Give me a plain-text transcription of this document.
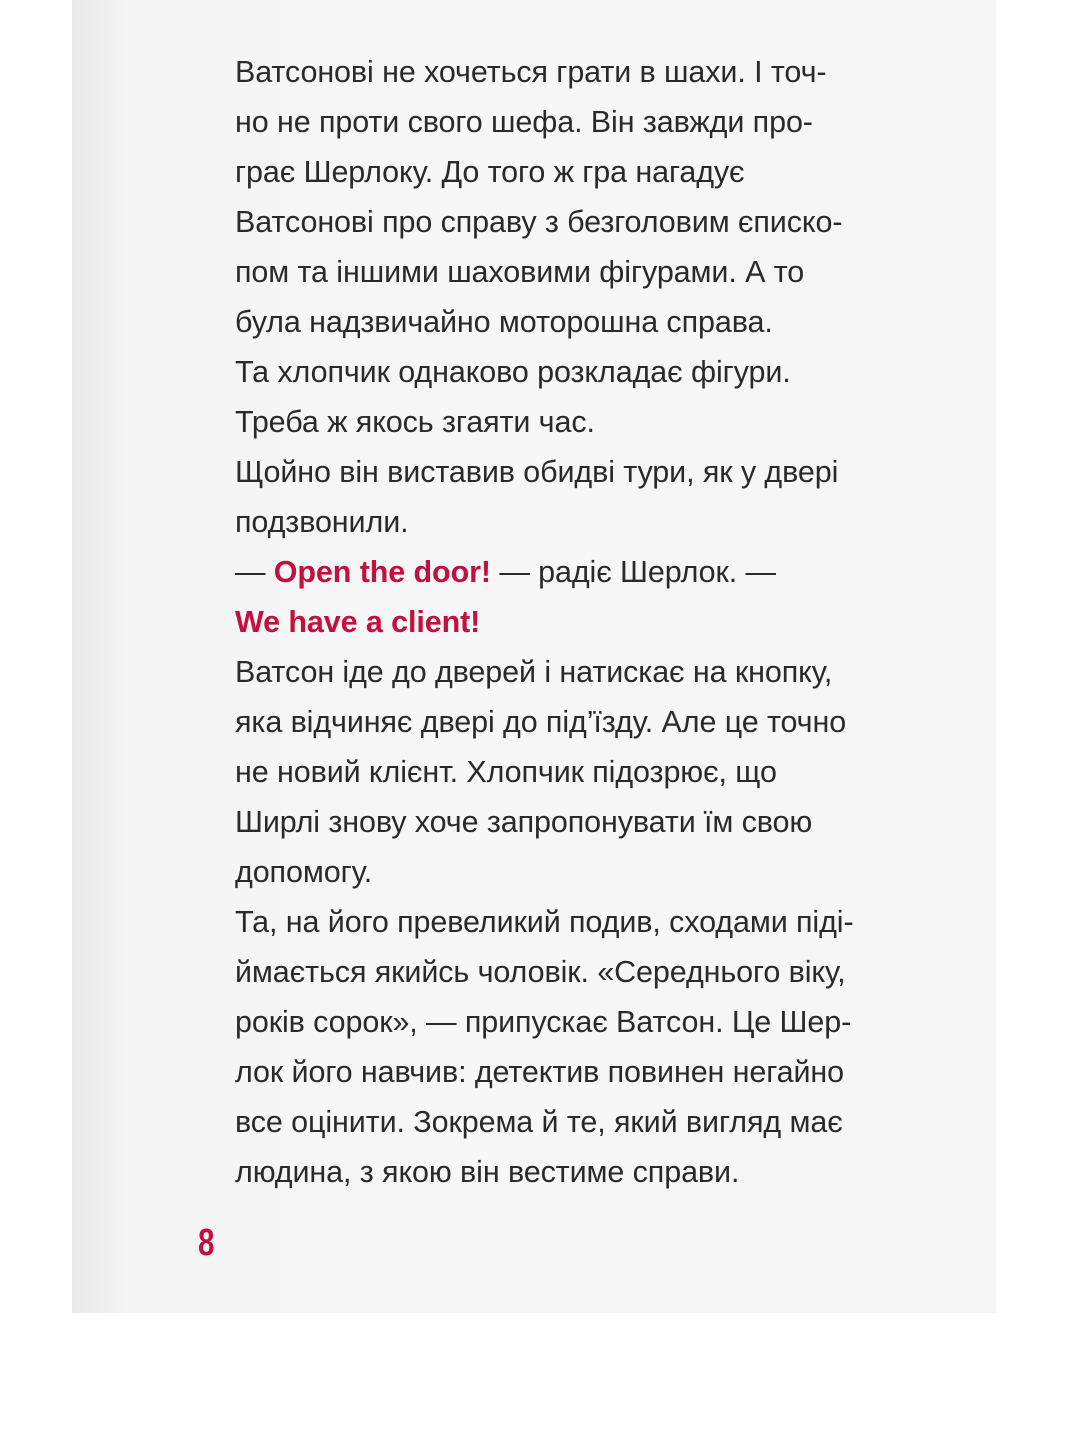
Ватсонові не хочеться грати в шахи. І точ-
но не проти свого шефа. Він завжди про-
грає Шерлоку. До того ж гра нагадує
Ватсонові про справу з безголовим єписко-
пом та іншими шаховими фігурами. А то
була надзвичайно моторошна справа.
Та хлопчик однаково розкладає фігури.
Треба ж якось згаяти час.
Щойно він виставив обидві тури, як у двері
подзвонили.
— Open the door! — радіє Шерлок. —
We have a client!
Ватсон іде до дверей і натискає на кнопку,
яка відчиняє двері до під’їзду. Але це точно
не новий клієнт. Хлопчик підозрює, що
Ширлі знову хоче запропонувати їм свою
допомогу.
Та, на його превеликий подив, сходами піді-
ймається якийсь чоловік. «Середнього віку,
років сорок», — припускає Ватсон. Це Шер-
лок його навчив: детектив повинен негайно
все оцінити. Зокрема й те, який вигляд має
людина, з якою він вестиме справи.
8
